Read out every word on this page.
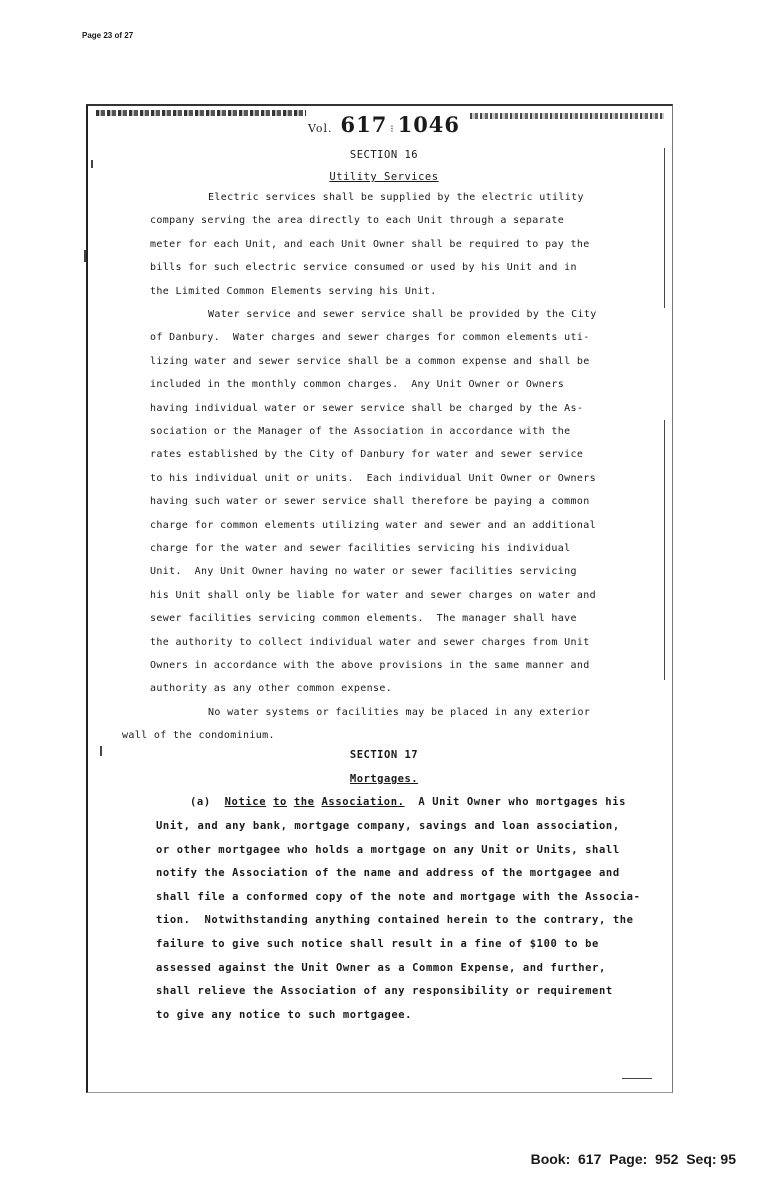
Page 23 of 27
Vol. 617 ⁝ 1046
SECTION 16
Utility Services
Electric services shall be supplied by the electric utility
company serving the area directly to each Unit through a separate
meter for each Unit, and each Unit Owner shall be required to pay the
bills for such electric service consumed or used by his Unit and in
the Limited Common Elements serving his Unit.
Water service and sewer service shall be provided by the City
of Danbury.  Water charges and sewer charges for common elements uti-
lizing water and sewer service shall be a common expense and shall be
included in the monthly common charges.  Any Unit Owner or Owners
having individual water or sewer service shall be charged by the As-
sociation or the Manager of the Association in accordance with the
rates established by the City of Danbury for water and sewer service
to his individual unit or units.  Each individual Unit Owner or Owners
having such water or sewer service shall therefore be paying a common
charge for common elements utilizing water and sewer and an additional
charge for the water and sewer facilities servicing his individual
Unit.  Any Unit Owner having no water or sewer facilities servicing
his Unit shall only be liable for water and sewer charges on water and
sewer facilities servicing common elements.  The manager shall have
the authority to collect individual water and sewer charges from Unit
Owners in accordance with the above provisions in the same manner and
authority as any other common expense.
No water systems or facilities may be placed in any exterior
wall of the condominium.
SECTION 17
Mortgages.
(a) Notice to the Association. A Unit Owner who mortgages his
Unit, and any bank, mortgage company, savings and loan association,
or other mortgagee who holds a mortgage on any Unit or Units, shall
notify the Association of the name and address of the mortgagee and
shall file a conformed copy of the note and mortgage with the Associa-
tion.  Notwithstanding anything contained herein to the contrary, the
failure to give such notice shall result in a fine of $100 to be
assessed against the Unit Owner as a Common Expense, and further,
shall relieve the Association of any responsibility or requirement
to give any notice to such mortgagee.
Book:  617  Page:  952  Seq: 95
